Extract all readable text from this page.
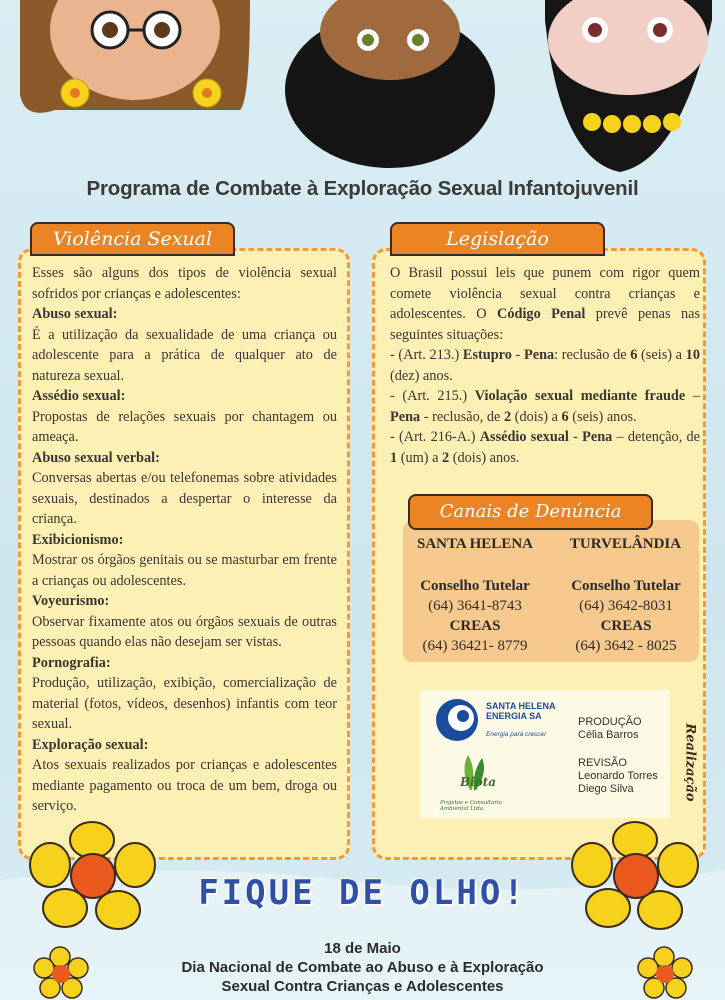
Programa de Combate à Exploração Sexual Infantojuvenil
Violência Sexual

Esses são alguns dos tipos de violência sexual sofridos por crianças e adolescentes:

Abuso sexual:

É a utilização da sexualidade de uma criança ou adolescente para a prática de qualquer ato de natureza sexual.

Assédio sexual:

Propostas de relações sexuais por chantagem ou ameaça.

Abuso sexual verbal:

Conversas abertas e/ou telefonemas sobre atividades sexuais, destinados a despertar o interesse da criança.

Exibicionismo:

Mostrar os órgãos genitais ou se masturbar em frente a crianças ou adolescentes.

Voyeurismo:

Observar fixamente atos ou órgãos sexuais de outras pessoas quando elas não desejam ser vistas.

Pornografia:

Produção, utilização, exibição, comercialização de material (fotos, vídeos, desenhos) infantis com teor sexual.

Exploração sexual:

Atos sexuais realizados por crianças e adolescentes mediante pagamento ou troca de um bem, droga ou serviço.

Legislação

O Brasil possui leis que punem com rigor quem comete violência sexual contra crianças e adolescentes. O Código Penal prevê penas nas seguintes situações:

- (Art. 213.) Estupro - Pena: reclusão de 6 (seis) a 10 (dez) anos.

- (Art. 215.) Violação sexual mediante fraude – Pena - reclusão, de 2 (dois) a 6 (seis) anos.

- (Art. 216-A.) Assédio sexual - Pena – detenção, de 1 (um) a 2 (dois) anos.

Canais de Denúncia
SANTA HELENA	TURVELÂNDIA
Conselho Tutelar
(64) 3641-8743
CREAS
(64) 36421- 8779
Conselho Tutelar
(64) 3642-8031
CREAS
(64) 3642 - 8025
SANTA HELENA
ENERGIA SA
Energia para crescer
Biota
Projetos e Consultoria Ambiental Ltda.
PRODUÇÃO
Célia Barros
REVISÃO
Leonardo Torres
Diego Silva	Realização
FIQUE DE OLHO!
18 de Maio
Dia Nacional de Combate ao Abuso e à Exploração
Sexual Contra Crianças e Adolescentes
